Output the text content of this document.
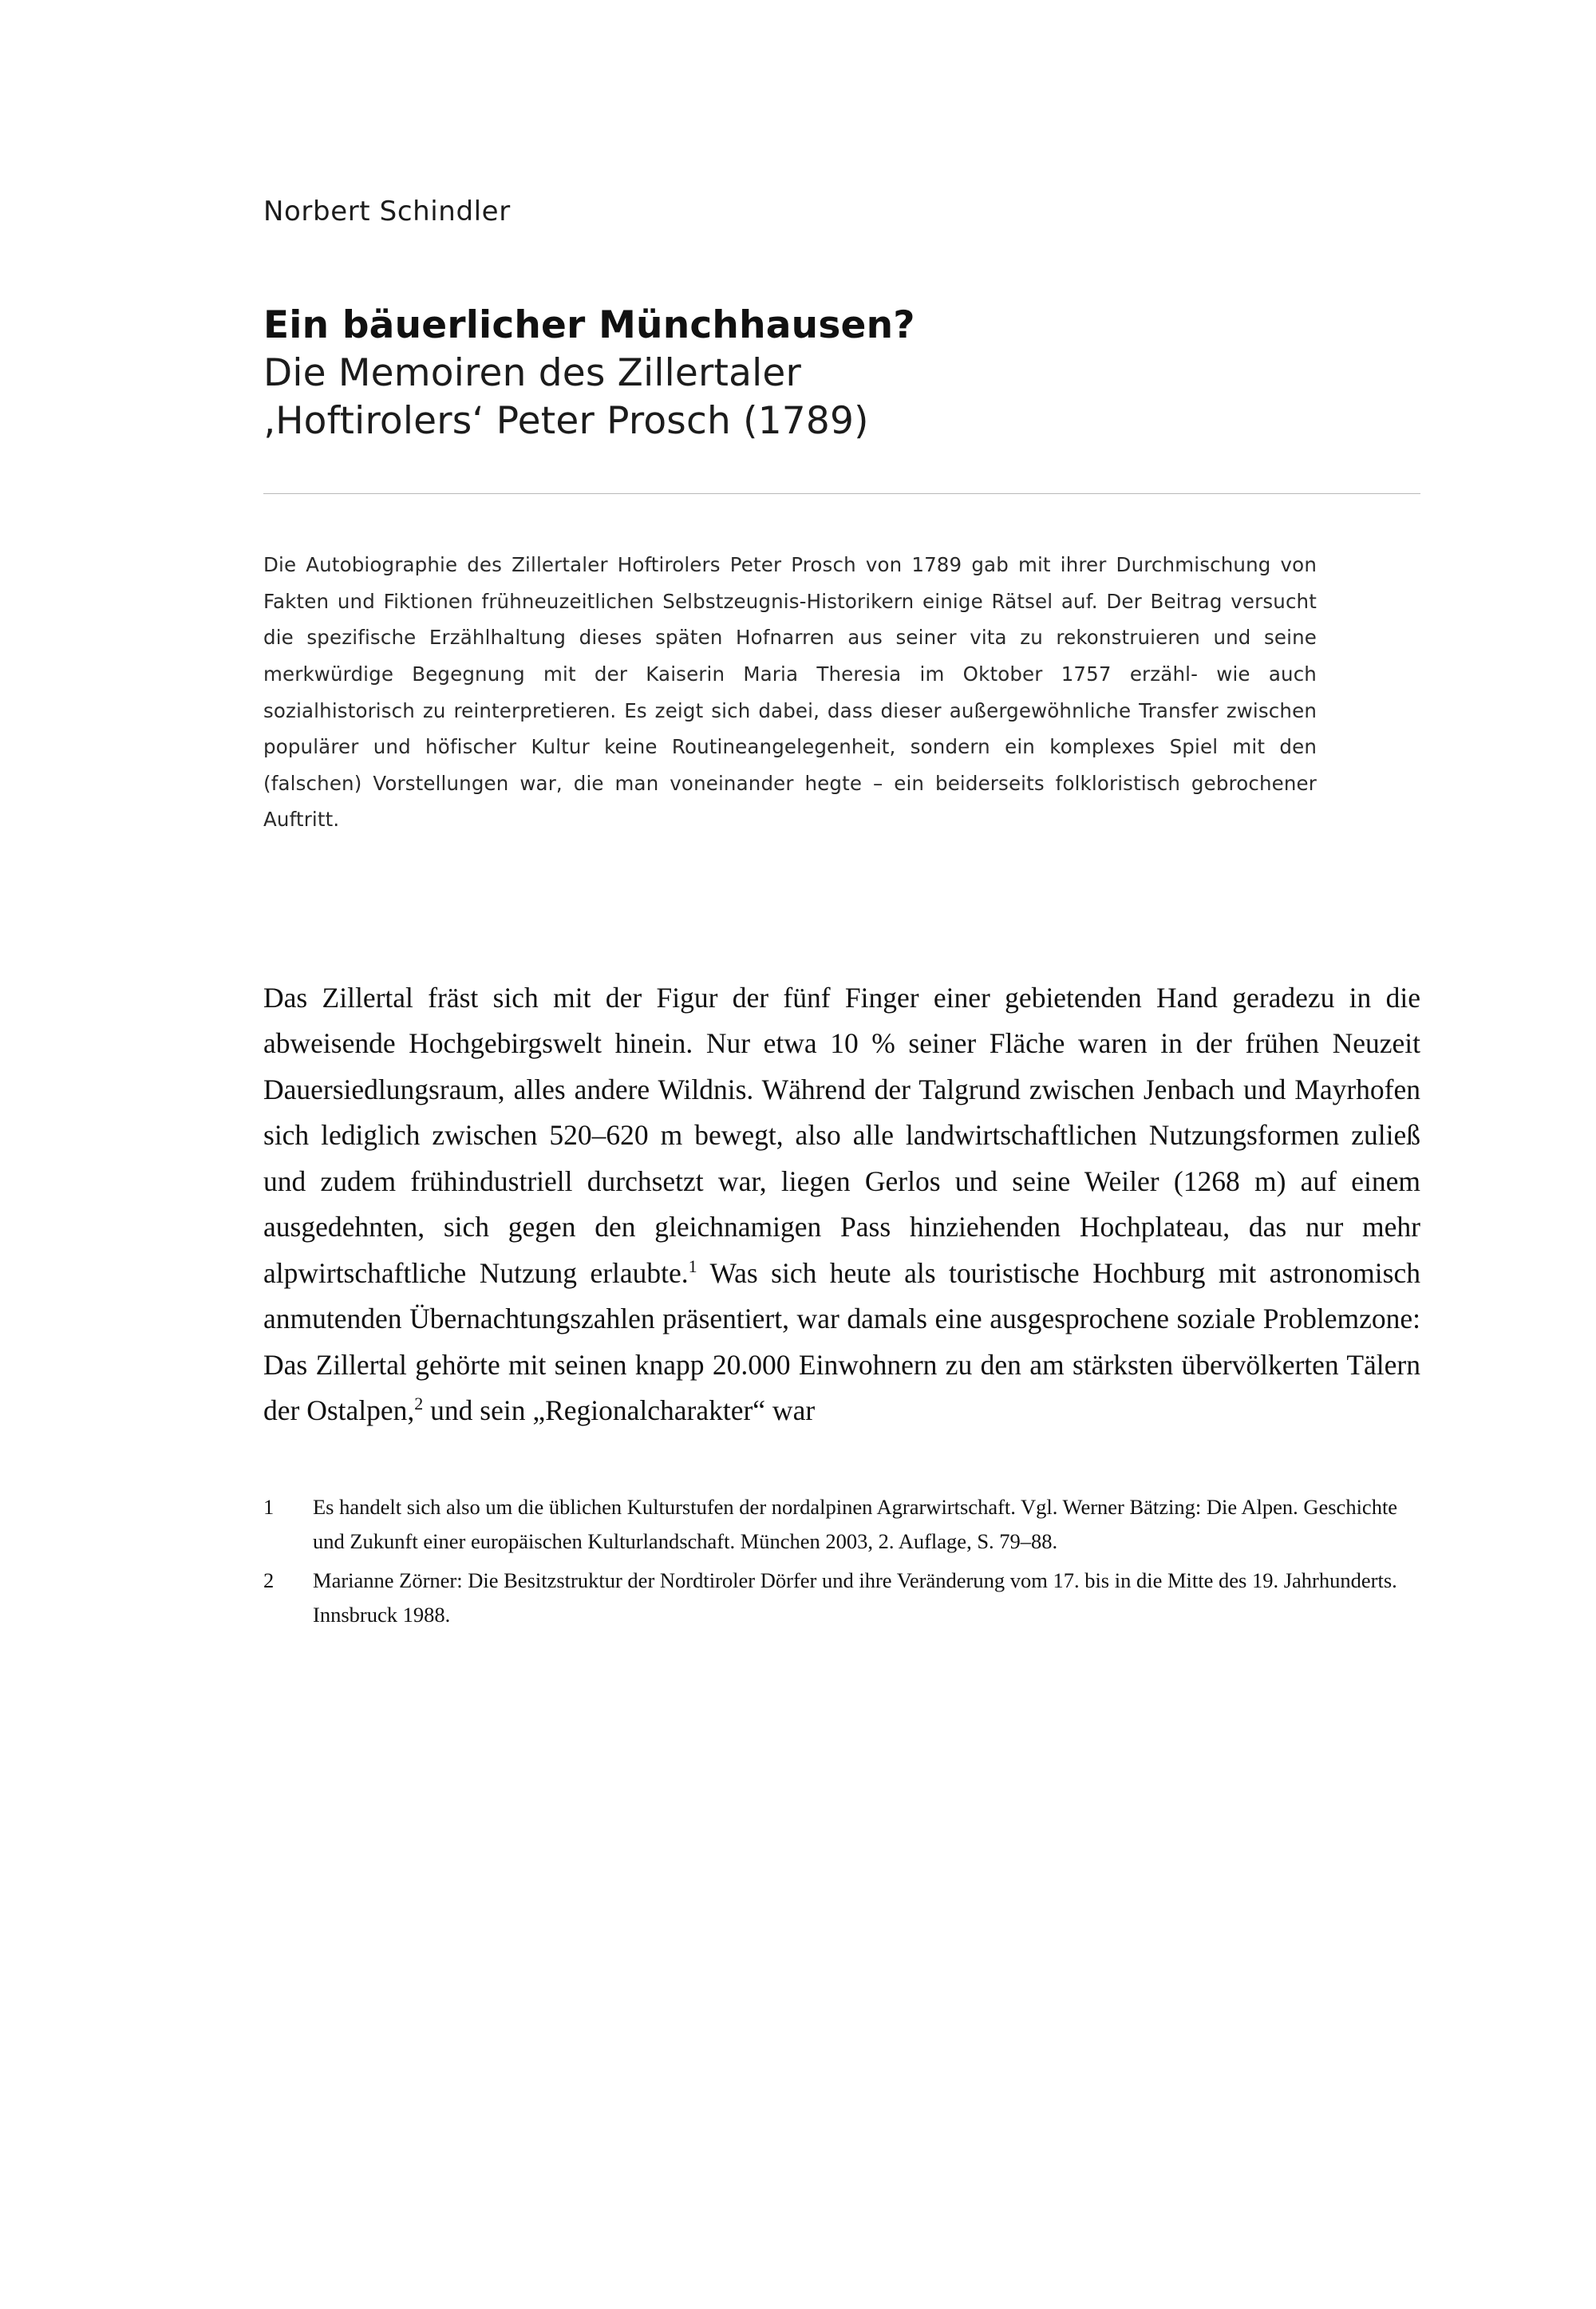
Norbert Schindler
Ein bäuerlicher Münchhausen?
Die Memoiren des Zillertaler
‚Hoftirolers‘ Peter Prosch (1789)
Die Autobiographie des Zillertaler Hoftirolers Peter Prosch von 1789 gab mit ihrer Durchmischung von Fakten und Fiktionen frühneuzeitlichen Selbstzeugnis-Historikern einige Rätsel auf. Der Beitrag versucht die spezifische Erzählhaltung dieses späten Hofnarren aus seiner vita zu rekonstruieren und seine merkwürdige Begegnung mit der Kaiserin Maria Theresia im Oktober 1757 erzähl- wie auch sozialhistorisch zu reinterpretieren. Es zeigt sich dabei, dass dieser außergewöhnliche Transfer zwischen populärer und höfischer Kultur keine Routineangelegenheit, sondern ein komplexes Spiel mit den (falschen) Vorstellungen war, die man voneinander hegte – ein beiderseits folkloristisch gebrochener Auftritt.
Das Zillertal fräst sich mit der Figur der fünf Finger einer gebietenden Hand geradezu in die abweisende Hochgebirgswelt hinein. Nur etwa 10 % seiner Fläche waren in der frühen Neuzeit Dauersiedlungsraum, alles andere Wildnis. Während der Talgrund zwischen Jenbach und Mayrhofen sich lediglich zwischen 520–620 m bewegt, also alle landwirtschaftlichen Nutzungsformen zuließ und zudem frühindustriell durchsetzt war, liegen Gerlos und seine Weiler (1268 m) auf einem ausgedehnten, sich gegen den gleichnamigen Pass hinziehenden Hochplateau, das nur mehr alpwirtschaftliche Nutzung erlaubte.$^1$ Was sich heute als touristische Hochburg mit astronomisch anmutenden Übernachtungszahlen präsentiert, war damals eine ausgesprochene soziale Problemzone: Das Zillertal gehörte mit seinen knapp 20.000 Einwohnern zu den am stärksten übervölkerten Tälern der Ostalpen,$^2$ und sein „Regionalcharakter“ war
1	Es handelt sich also um die üblichen Kulturstufen der nordalpinen Agrarwirtschaft. Vgl. Werner Bätzing: Die Alpen. Geschichte und Zukunft einer europäischen Kulturlandschaft. München 2003, 2. Auflage, S. 79–88.
2	Marianne Zörner: Die Besitzstruktur der Nordtiroler Dörfer und ihre Veränderung vom 17. bis in die Mitte des 19. Jahrhunderts. Innsbruck 1988.
